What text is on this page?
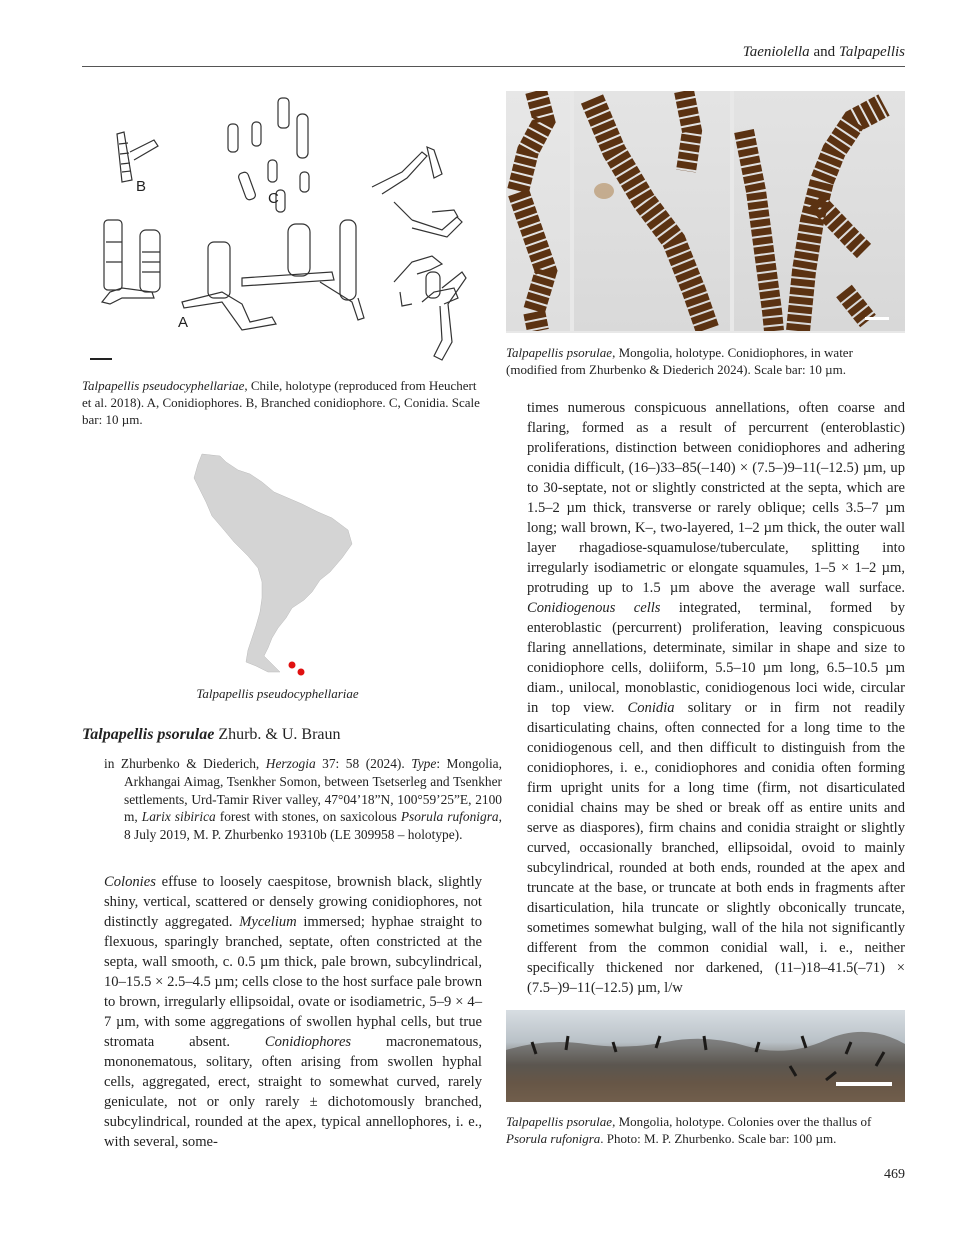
Taeniolella and Talpapellis
B
C
A
Talpapellis pseudocyphellariae, Chile, holotype (reproduced from Heuchert et al. 2018). A, Conidiophores. B, Branched conidiophore. C, Conidia. Scale bar: 10 µm.
Talpapellis pseudocyphellariae
Talpapellis psorulae Zhurb. & U. Braun
in Zhurbenko & Diederich, Herzogia 37: 58 (2024). Type: Mongolia, Arkhangai Aimag, Tsenkher Somon, between Tsetserleg and Tsenkher settlements, Urd-Tamir River valley, 47°04’18”N, 100°59’25”E, 2100 m, Larix sibirica forest with stones, on saxicolous Psorula rufonigra, 8 July 2019, M. P. Zhurbenko 19310b (LE 309958 – holotype).
Colonies effuse to loosely caespitose, brownish black, slightly shiny, vertical, scattered or densely growing conidiophores, not distinctly aggregated. Mycelium immersed; hyphae straight to flexuous, sparingly branched, septate, often constricted at the septa, wall smooth, c. 0.5 µm thick, pale brown, subcylindrical, 10–15.5 × 2.5–4.5 µm; cells close to the host surface pale brown to brown, irregularly ellipsoidal, ovate or isodiametric, 5–9 × 4–7 µm, with some aggregations of swollen hyphal cells, but true stromata absent. Conidiophores macronematous, mononematous, solitary, often arising from swollen hyphal cells, aggregated, erect, straight to somewhat curved, rarely geniculate, not or only rarely ± dichotomously branched, subcylindrical, rounded at the apex, typical annellophores, i. e., with several, some-
Talpapellis psorulae, Mongolia, holotype. Conidiophores, in water (modified from Zhurbenko & Diederich 2024). Scale bar: 10 µm.
times numerous conspicuous annellations, often coarse and flaring, formed as a result of percurrent (enteroblastic) proliferations, distinction between conidiophores and adhering conidia difficult, (16–)33–85(–140) × (7.5–)9–11(–12.5) µm, up to 30-septate, not or slightly constricted at the septa, which are 1.5–2 µm thick, transverse or rarely oblique; cells 3.5–7 µm long; wall brown, K–, two-layered, 1–2 µm thick, the outer wall layer rhagadiose-squamulose/tuberculate, splitting into irregularly isodiametric or elongate squamules, 1–5 × 1–2 µm, protruding up to 1.5 µm above the average wall surface. Conidiogenous cells integrated, terminal, formed by enteroblastic (percurrent) proliferation, leaving conspicuous flaring annellations, determinate, similar in shape and size to conidiophore cells, doliiform, 5.5–10 µm long, 6.5–10.5 µm diam., unilocal, monoblastic, conidiogenous loci wide, circular in top view. Conidia solitary or in firm not readily disarticulating chains, often connected for a long time to the conidiogenous cell, and then difficult to distinguish from the conidiophores, i. e., conidiophores and conidia often forming firm upright units for a long time (firm, not disarticulated conidial chains may be shed or break off as entire units and serve as diaspores), firm chains and conidia straight or slightly curved, occasionally branched, ellipsoidal, ovoid to mainly subcylindrical, rounded at both ends, rounded at the apex and truncate at the base, or truncate at both ends in fragments after disarticulation, hila truncate or slightly obconically truncate, sometimes somewhat bulging, wall of the hila not significantly different from the common conidial wall, i. e., neither specifically thickened nor darkened, (11–)18–41.5(–71) × (7.5–)9–11(–12.5) µm, l/w
Talpapellis psorulae, Mongolia, holotype. Colonies over the thallus of Psorula rufonigra. Photo: M. P. Zhurbenko. Scale bar: 100 µm.
469
